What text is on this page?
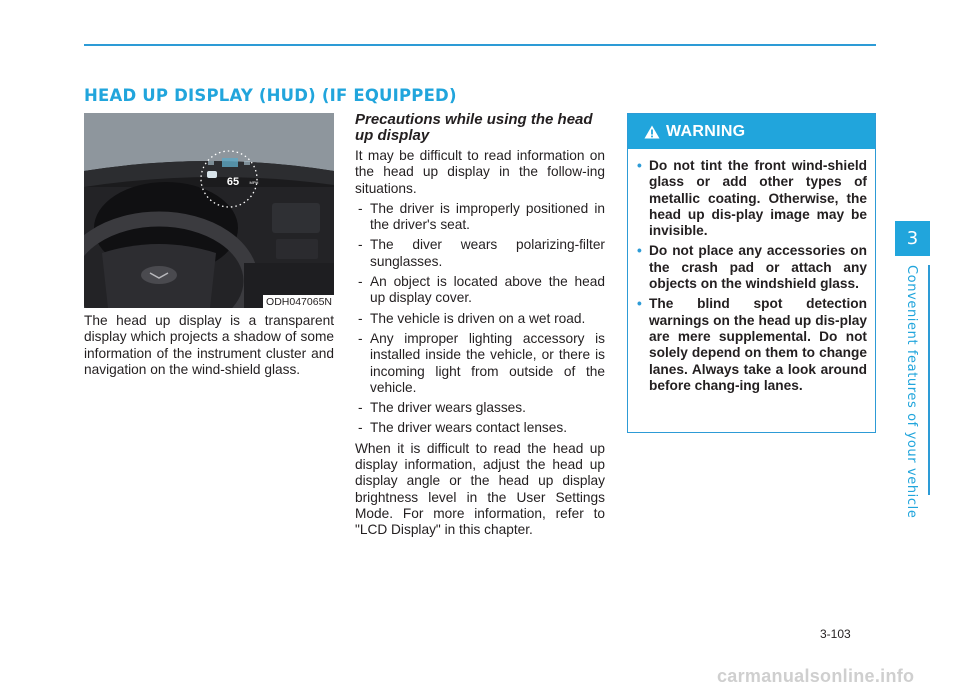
HEAD UP DISPLAY (HUD) (IF EQUIPPED)
65	MPH
ODH047065N

The head up display is a transparent display which projects a shadow of some information of the instrument cluster and navigation on the wind-shield glass.

Precautions while using the head up display

It may be difficult to read information on the head up display in the follow-ing situations.

- The driver is improperly positioned in the driver's seat.
- The diver wears polarizing-filter sunglasses.
- An object is located above the head up display cover.
- The vehicle is driven on a wet road.
- Any improper lighting accessory is installed inside the vehicle, or there is incoming light from outside of the vehicle.
- The driver wears glasses.
- The driver wears contact lenses.

When it is difficult to read the head up display information, adjust the head up display angle or the head up display brightness level in the User Settings Mode. For more information, refer to "LCD Display" in this chapter.

WARNING
• Do not tint the front wind-shield glass or add other types of metallic coating. Otherwise, the head up dis-play image may be invisible.
• Do not place any accessories on the crash pad or attach any objects on the windshield glass.
• The blind spot detection warnings on the head up dis-play are mere supplemental. Do not solely depend on them to change lanes. Always take a look around before chang-ing lanes.
3
Convenient features of your vehicle
3-103
carmanualsonline.info
